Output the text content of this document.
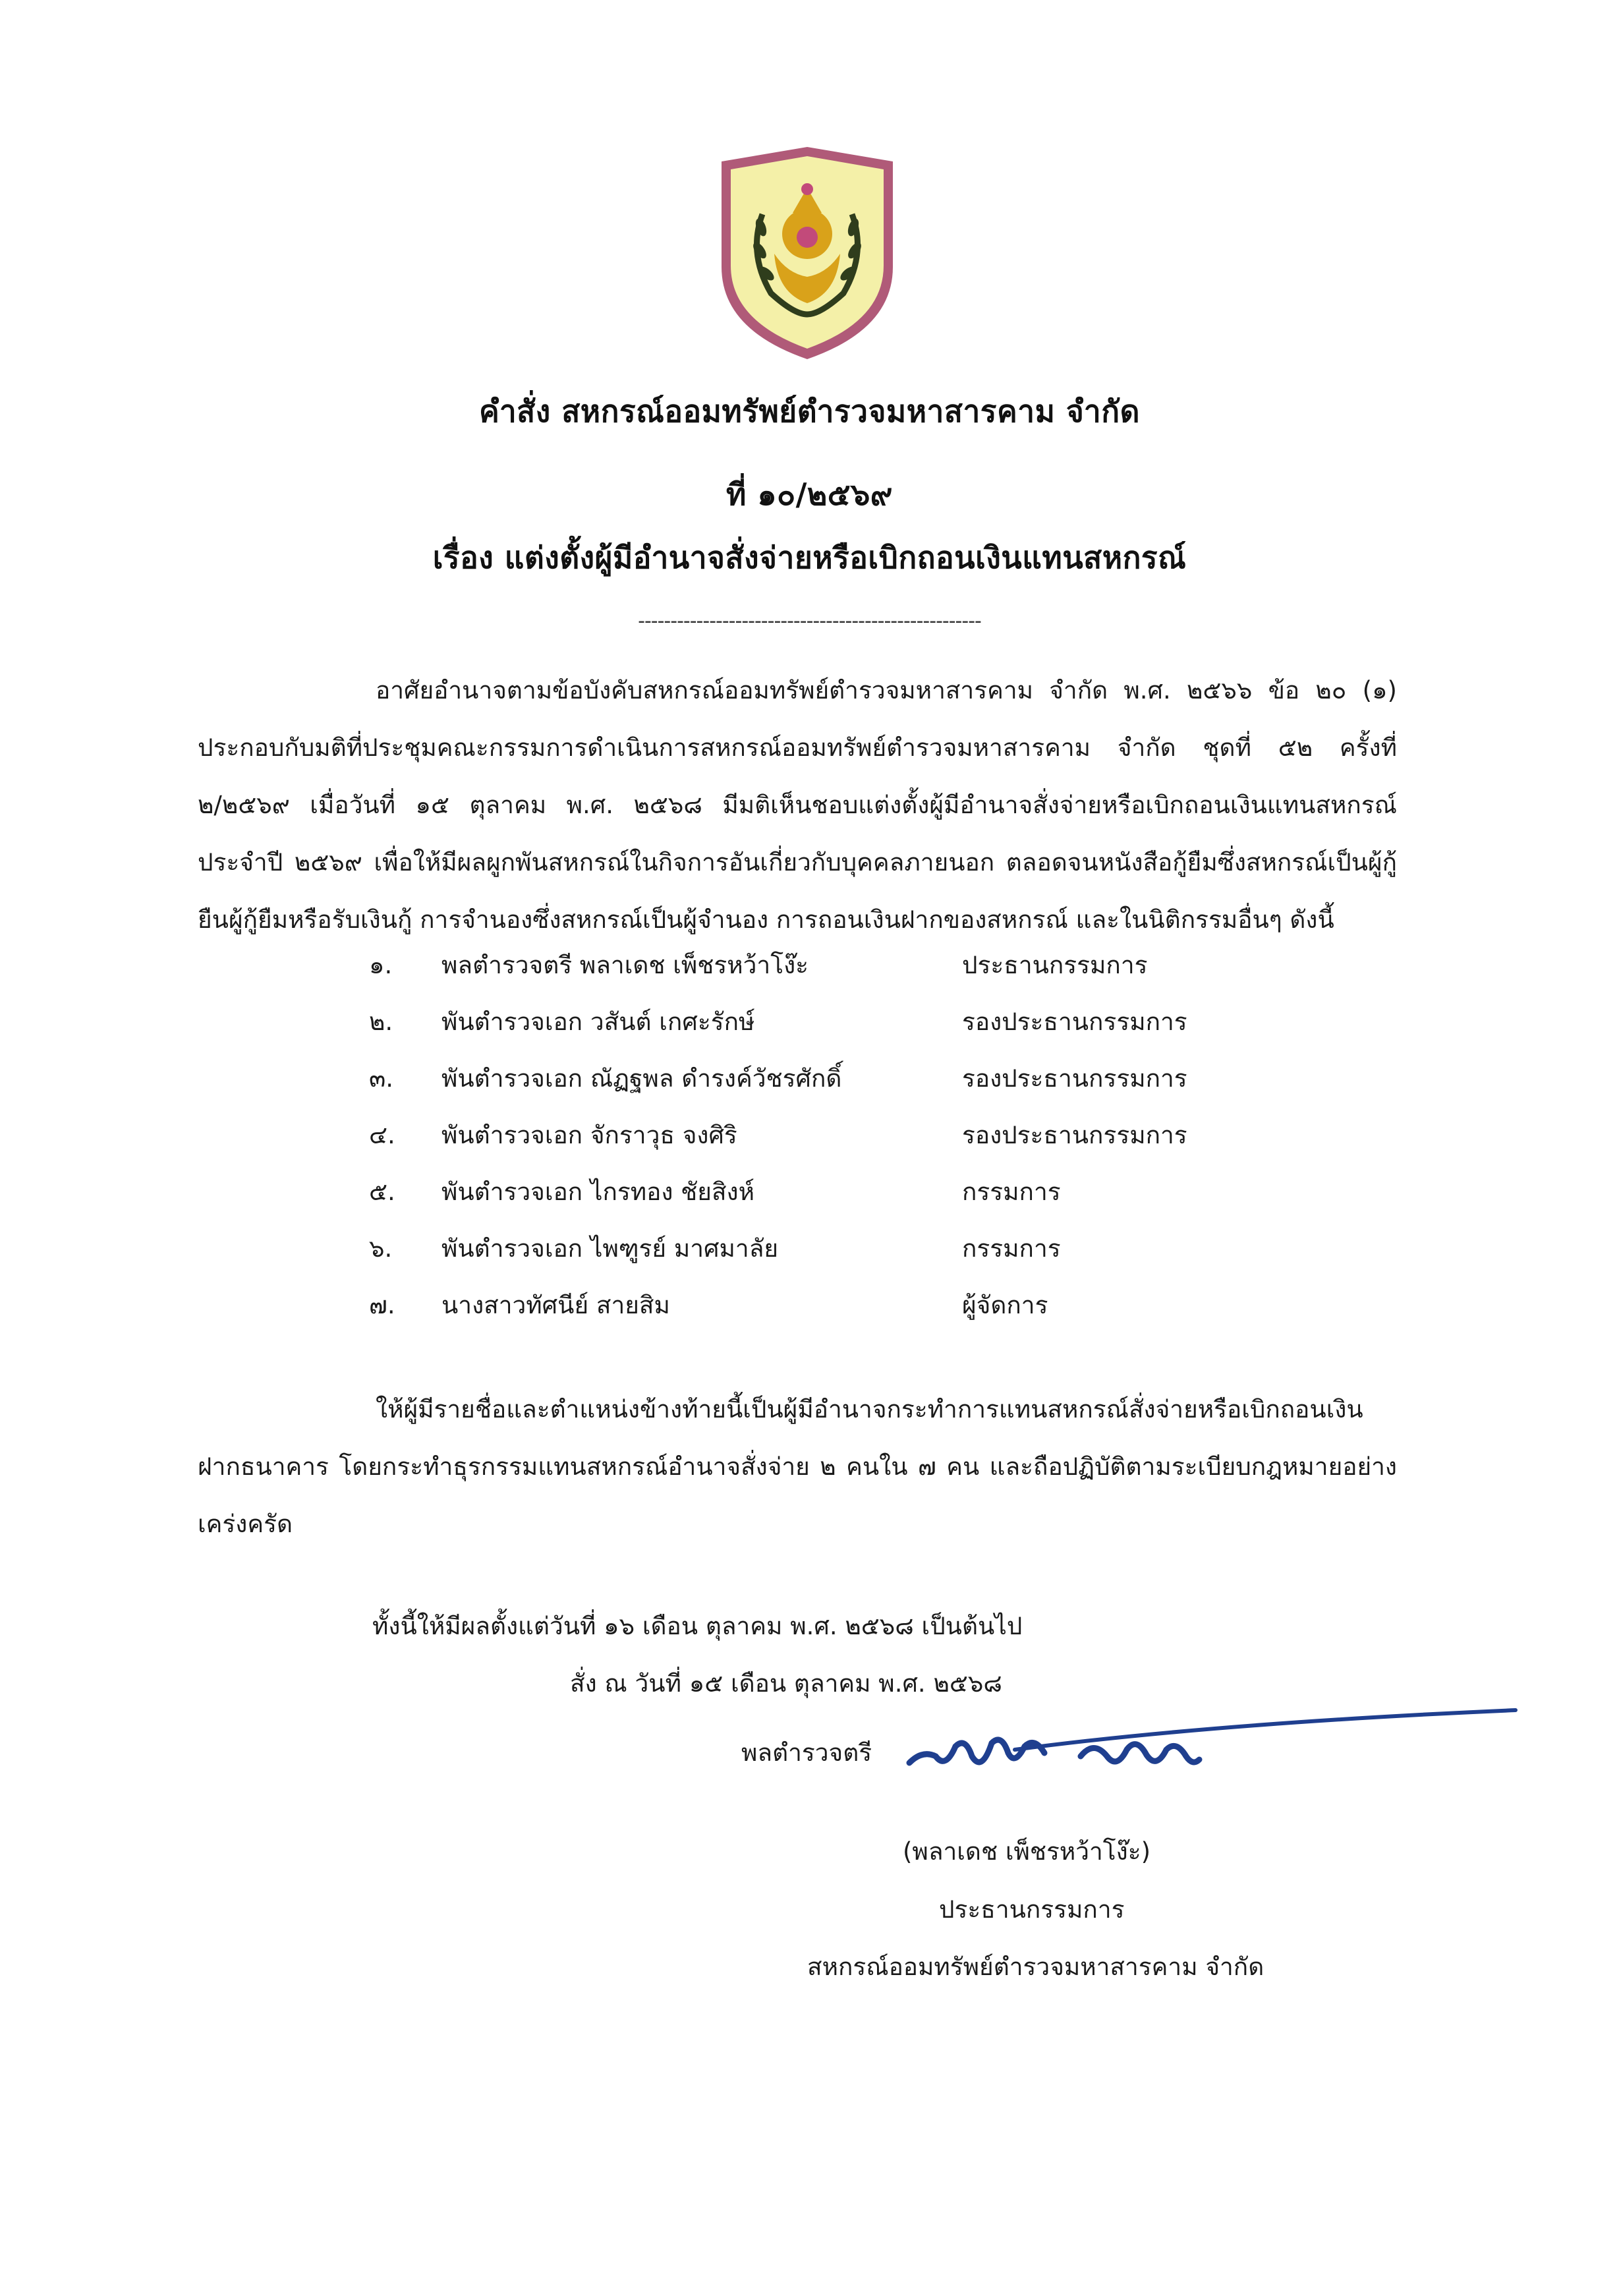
คำสั่ง สหกรณ์ออมทรัพย์ตำรวจมหาสารคาม จำกัด
ที่ ๑๐/๒๕๖๙
เรื่อง แต่งตั้งผู้มีอำนาจสั่งจ่ายหรือเบิกถอนเงินแทนสหกรณ์
-----------------------------------------------------
อาศัยอำนาจตามข้อบังคับสหกรณ์ออมทรัพย์ตำรวจมหาสารคาม จำกัด พ.ศ. ๒๕๖๖ ข้อ ๒๐ (๑) ประกอบกับมติที่ประชุมคณะกรรมการดำเนินการสหกรณ์ออมทรัพย์ตำรวจมหาสารคาม จำกัด ชุดที่ ๕๒ ครั้งที่ ๒/๒๕๖๙ เมื่อวันที่ ๑๕ ตุลาคม พ.ศ. ๒๕๖๘ มีมติเห็นชอบแต่งตั้งผู้มีอำนาจสั่งจ่ายหรือเบิกถอนเงินแทนสหกรณ์ ประจำปี ๒๕๖๙ เพื่อให้มีผลผูกพันสหกรณ์ในกิจการอันเกี่ยวกับบุคคลภายนอก ตลอดจนหนังสือกู้ยืมซึ่งสหกรณ์เป็นผู้กู้ยืนผู้กู้ยืมหรือรับเงินกู้ การจำนองซึ่งสหกรณ์เป็นผู้จำนอง การถอนเงินฝากของสหกรณ์ และในนิติกรรมอื่นๆ ดังนี้
๑. พลตำรวจตรี พลาเดช เพ็ชรหว้าโง๊ะ	ประธานกรรมการ
๒. พันตำรวจเอก วสันต์ เกศะรักษ์	รองประธานกรรมการ
๓. พันตำรวจเอก ณัฏฐพล ดำรงค์วัชรศักดิ์	รองประธานกรรมการ
๔. พันตำรวจเอก จักราวุธ จงศิริ	รองประธานกรรมการ
๕. พันตำรวจเอก ไกรทอง ชัยสิงห์	กรรมการ
๖. พันตำรวจเอก ไพฑูรย์ มาศมาลัย	กรรมการ
๗. นางสาวทัศนีย์ สายสิม	ผู้จัดการ
ให้ผู้มีรายชื่อและตำแหน่งข้างท้ายนี้เป็นผู้มีอำนาจกระทำการแทนสหกรณ์สั่งจ่ายหรือเบิกถอนเงินฝากธนาคาร โดยกระทำธุรกรรมแทนสหกรณ์อำนาจสั่งจ่าย ๒ คนใน ๗ คน และถือปฏิบัติตามระเบียบกฎหมายอย่างเคร่งครัด
ทั้งนี้ให้มีผลตั้งแต่วันที่ ๑๖ เดือน ตุลาคม พ.ศ. ๒๕๖๘ เป็นต้นไป
สั่ง ณ วันที่ ๑๕ เดือน ตุลาคม พ.ศ. ๒๕๖๘
พลตำรวจตรี
(พลาเดช เพ็ชรหว้าโง๊ะ)
ประธานกรรมการ
สหกรณ์ออมทรัพย์ตำรวจมหาสารคาม จำกัด
